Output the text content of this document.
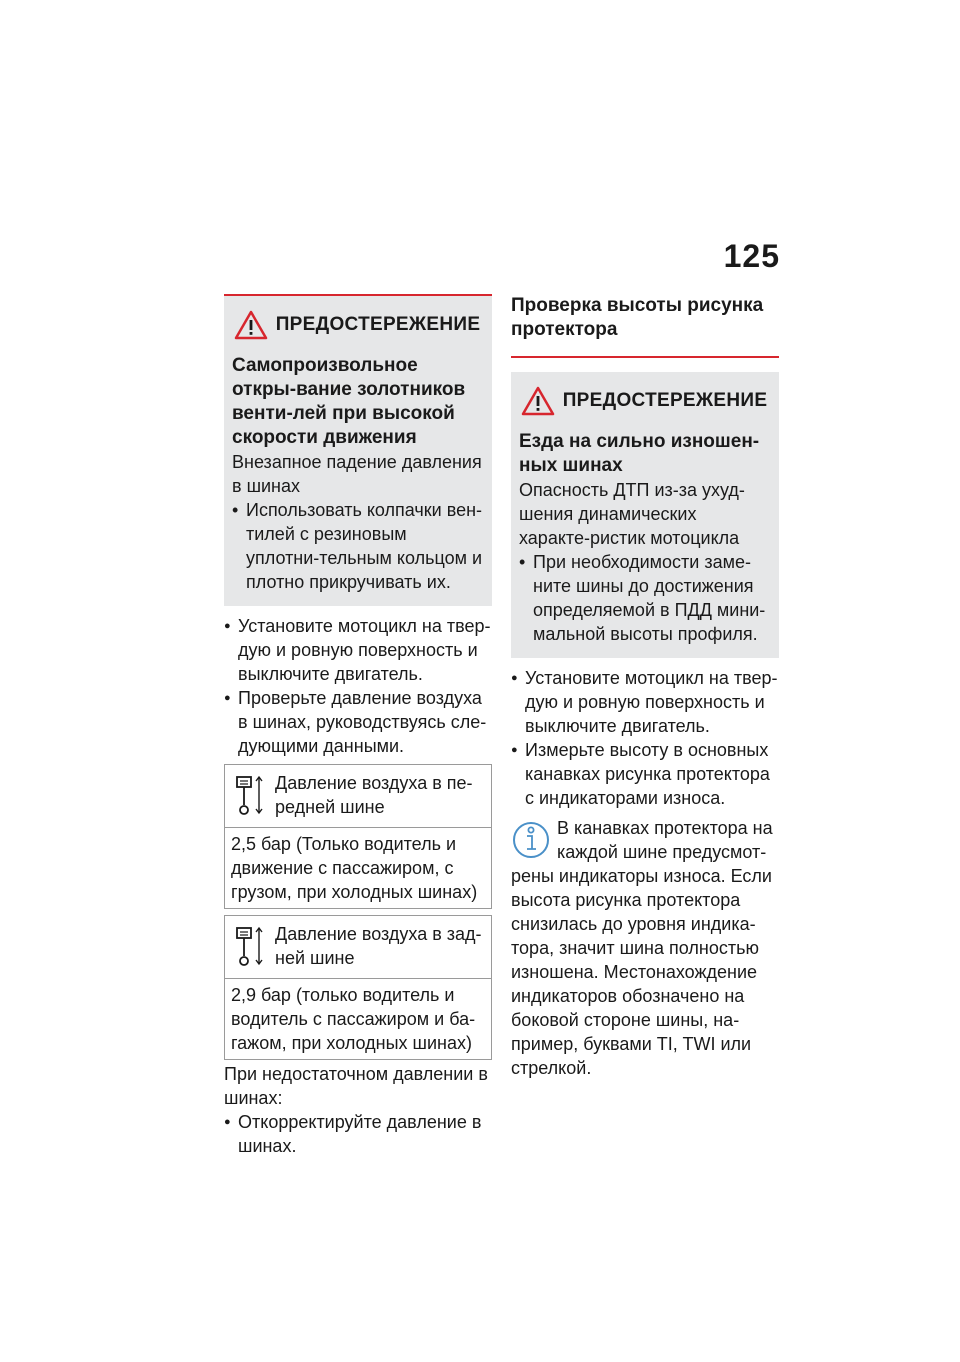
125
ПРЕДОСТЕРЕЖЕНИЕ
Самопроизвольное откры-вание золотников венти-лей при высокой скорости движения
Внезапное падение давления в шинах
• Использовать колпачки вен-тилей с резиновым уплотни-тельным кольцом и плотно прикручивать их.
● Установите мотоцикл на твер-дую и ровную поверхность и выключите двигатель.
● Проверьте давление воздуха в шинах, руководствуясь сле-дующими данными.
Давление воздуха в пе-редней шине
2,5 бар (Только водитель и движение с пассажиром, с грузом, при холодных шинах)
Давление воздуха в зад-ней шине
2,9 бар (только водитель и водитель с пассажиром и ба-гажом, при холодных шинах)
При недостаточном давлении в шинах:
● Откорректируйте давление в шинах.
Проверка высоты рисунка протектора
ПРЕДОСТЕРЕЖЕНИЕ
Езда на сильно изношен-ных шинах
Опасность ДТП из-за ухуд-шения динамических характе-ристик мотоцикла
• При необходимости заме-ните шины до достижения определяемой в ПДД мини-мальной высоты профиля.
● Установите мотоцикл на твер-дую и ровную поверхность и выключите двигатель.
● Измерьте высоту в основных канавках рисунка протектора с индикаторами износа.
В канавках протектора на каждой шине предусмот-рены индикаторы износа. Если высота рисунка протектора снизилась до уровня индика-тора, значит шина полностью изношена. Местонахождение индикаторов обозначено на боковой стороне шины, на-пример, буквами TI, TWI или стрелкой.
